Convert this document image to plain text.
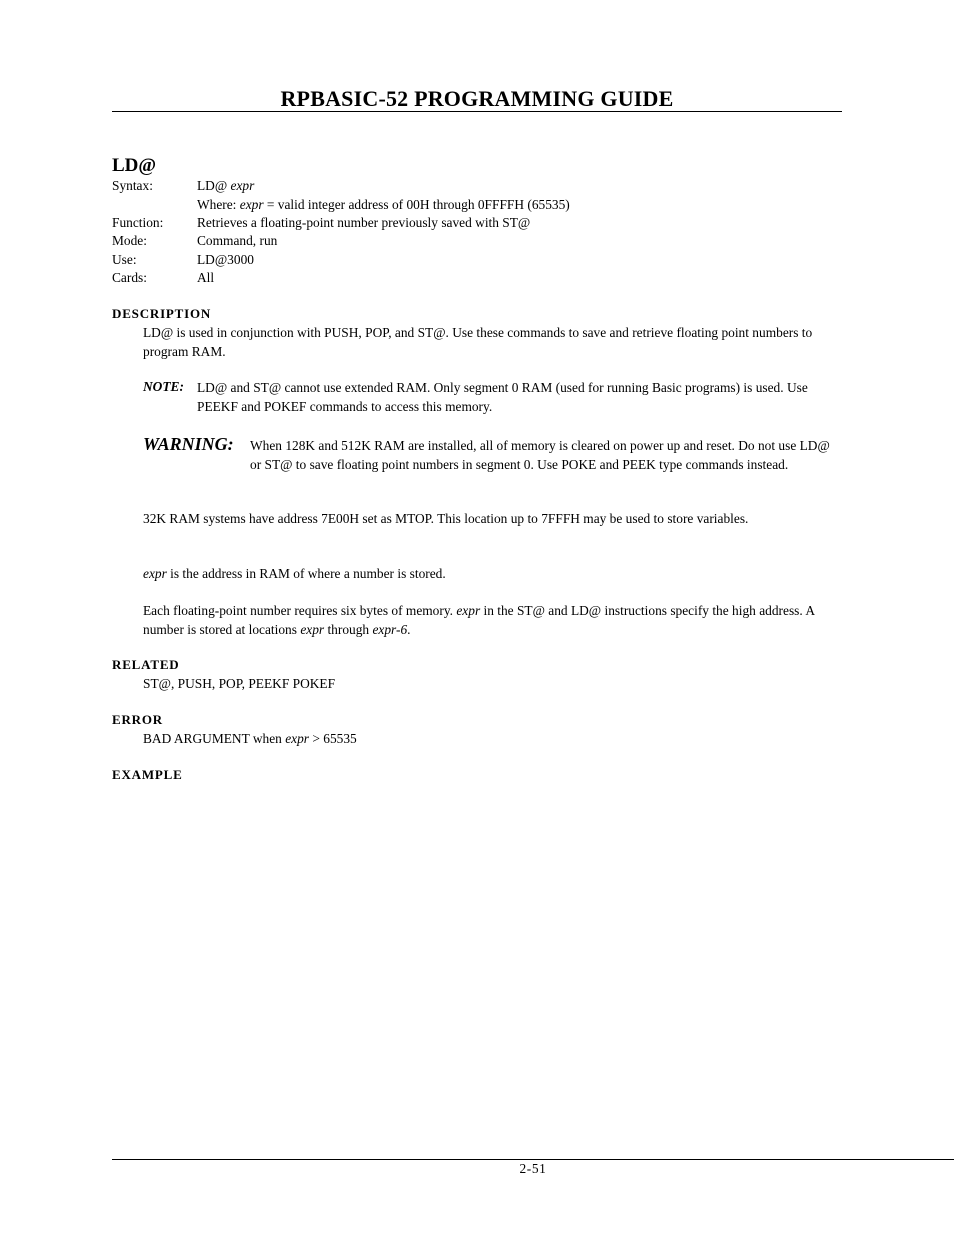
RPBASIC-52 PROGRAMMING GUIDE
LD@
Syntax:	LD@ expr
Where: expr = valid integer address of 00H through 0FFFFH (65535)
Function:	Retrieves a floating-point number previously saved with ST@
Mode:	Command, run
Use:	LD@3000
Cards:	All
DESCRIPTION
LD@ is used in conjunction with PUSH, POP, and ST@. Use these commands to save and retrieve floating point numbers to program RAM.
NOTE: LD@ and ST@ cannot use extended RAM. Only segment 0 RAM (used for running Basic programs) is used. Use PEEKF and POKEF commands to access this memory.
WARNING: When 128K and 512K RAM are installed, all of memory is cleared on power up and reset. Do not use LD@ or ST@ to save floating point numbers in segment 0. Use POKE and PEEK type commands instead.
32K RAM systems have address 7E00H set as MTOP. This location up to 7FFFH may be used to store variables.
expr is the address in RAM of where a number is stored.
Each floating-point number requires six bytes of memory. expr in the ST@ and LD@ instructions specify the high address. A number is stored at locations expr through expr-6.
RELATED
ST@, PUSH, POP, PEEKF POKEF
ERROR
BAD ARGUMENT when expr > 65535
EXAMPLE
2-51
